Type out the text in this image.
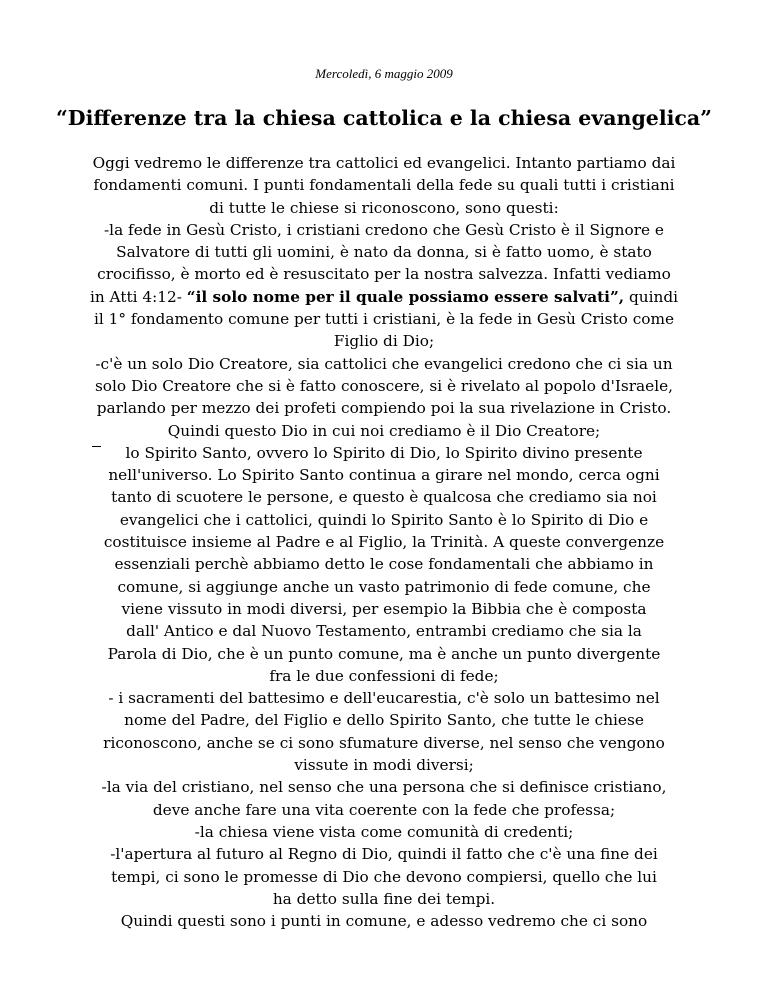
Mercoledì, 6 maggio 2009
“Differenze tra la chiesa cattolica e la chiesa evangelica”
Oggi vedremo le differenze tra cattolici ed evangelici. Intanto partiamo dai
fondamenti comuni. I punti fondamentali della fede su quali tutti i cristiani
di tutte le chiese si riconoscono, sono questi:
-la fede in Gesù Cristo, i cristiani credono che Gesù Cristo è il Signore e
Salvatore di tutti gli uomini, è nato da donna, si è fatto uomo, è stato
crocifisso, è morto ed è resuscitato per la nostra salvezza. Infatti vediamo
in Atti 4:12- “il solo nome per il quale possiamo essere salvati”, quindi
il 1° fondamento comune per tutti i cristiani, è la fede in Gesù Cristo come
Figlio di Dio;
-c'è un solo Dio Creatore, sia cattolici che evangelici credono che ci sia un
solo Dio Creatore che si è fatto conoscere, si è rivelato al popolo d'Israele,
parlando per mezzo dei profeti compiendo poi la sua rivelazione in Cristo.
Quindi questo Dio in cui noi crediamo è il Dio Creatore;
lo Spirito Santo, ovvero lo Spirito di Dio, lo Spirito divino presente
nell'universo. Lo Spirito Santo continua a girare nel mondo, cerca ogni
tanto di scuotere le persone, e questo è qualcosa che crediamo sia noi
evangelici che i cattolici, quindi lo Spirito Santo è lo Spirito di Dio e
costituisce insieme al Padre e al Figlio, la Trinità. A queste convergenze
essenziali perchè abbiamo detto le cose fondamentali che abbiamo in
comune, si aggiunge anche un vasto patrimonio di fede comune, che
viene vissuto in modi diversi, per esempio la Bibbia che è composta
dall' Antico e dal Nuovo Testamento, entrambi crediamo che sia la
Parola di Dio, che è un punto comune, ma è anche un punto divergente
fra le due confessioni di fede;
- i sacramenti del battesimo e dell'eucarestia, c'è solo un battesimo nel
nome del Padre, del Figlio e dello Spirito Santo, che tutte le chiese
riconoscono, anche se ci sono sfumature diverse, nel senso che vengono
vissute in modi diversi;
-la via del cristiano, nel senso che una persona che si definisce cristiano,
deve anche fare una vita coerente con la fede che professa;
-la chiesa viene vista come comunità di credenti;
-l'apertura al futuro al Regno di Dio, quindi il fatto che c'è una fine dei
tempi, ci sono le promesse di Dio che devono compiersi, quello che lui
ha detto sulla fine dei tempi.
Quindi questi sono i punti in comune, e adesso vedremo che ci sono
